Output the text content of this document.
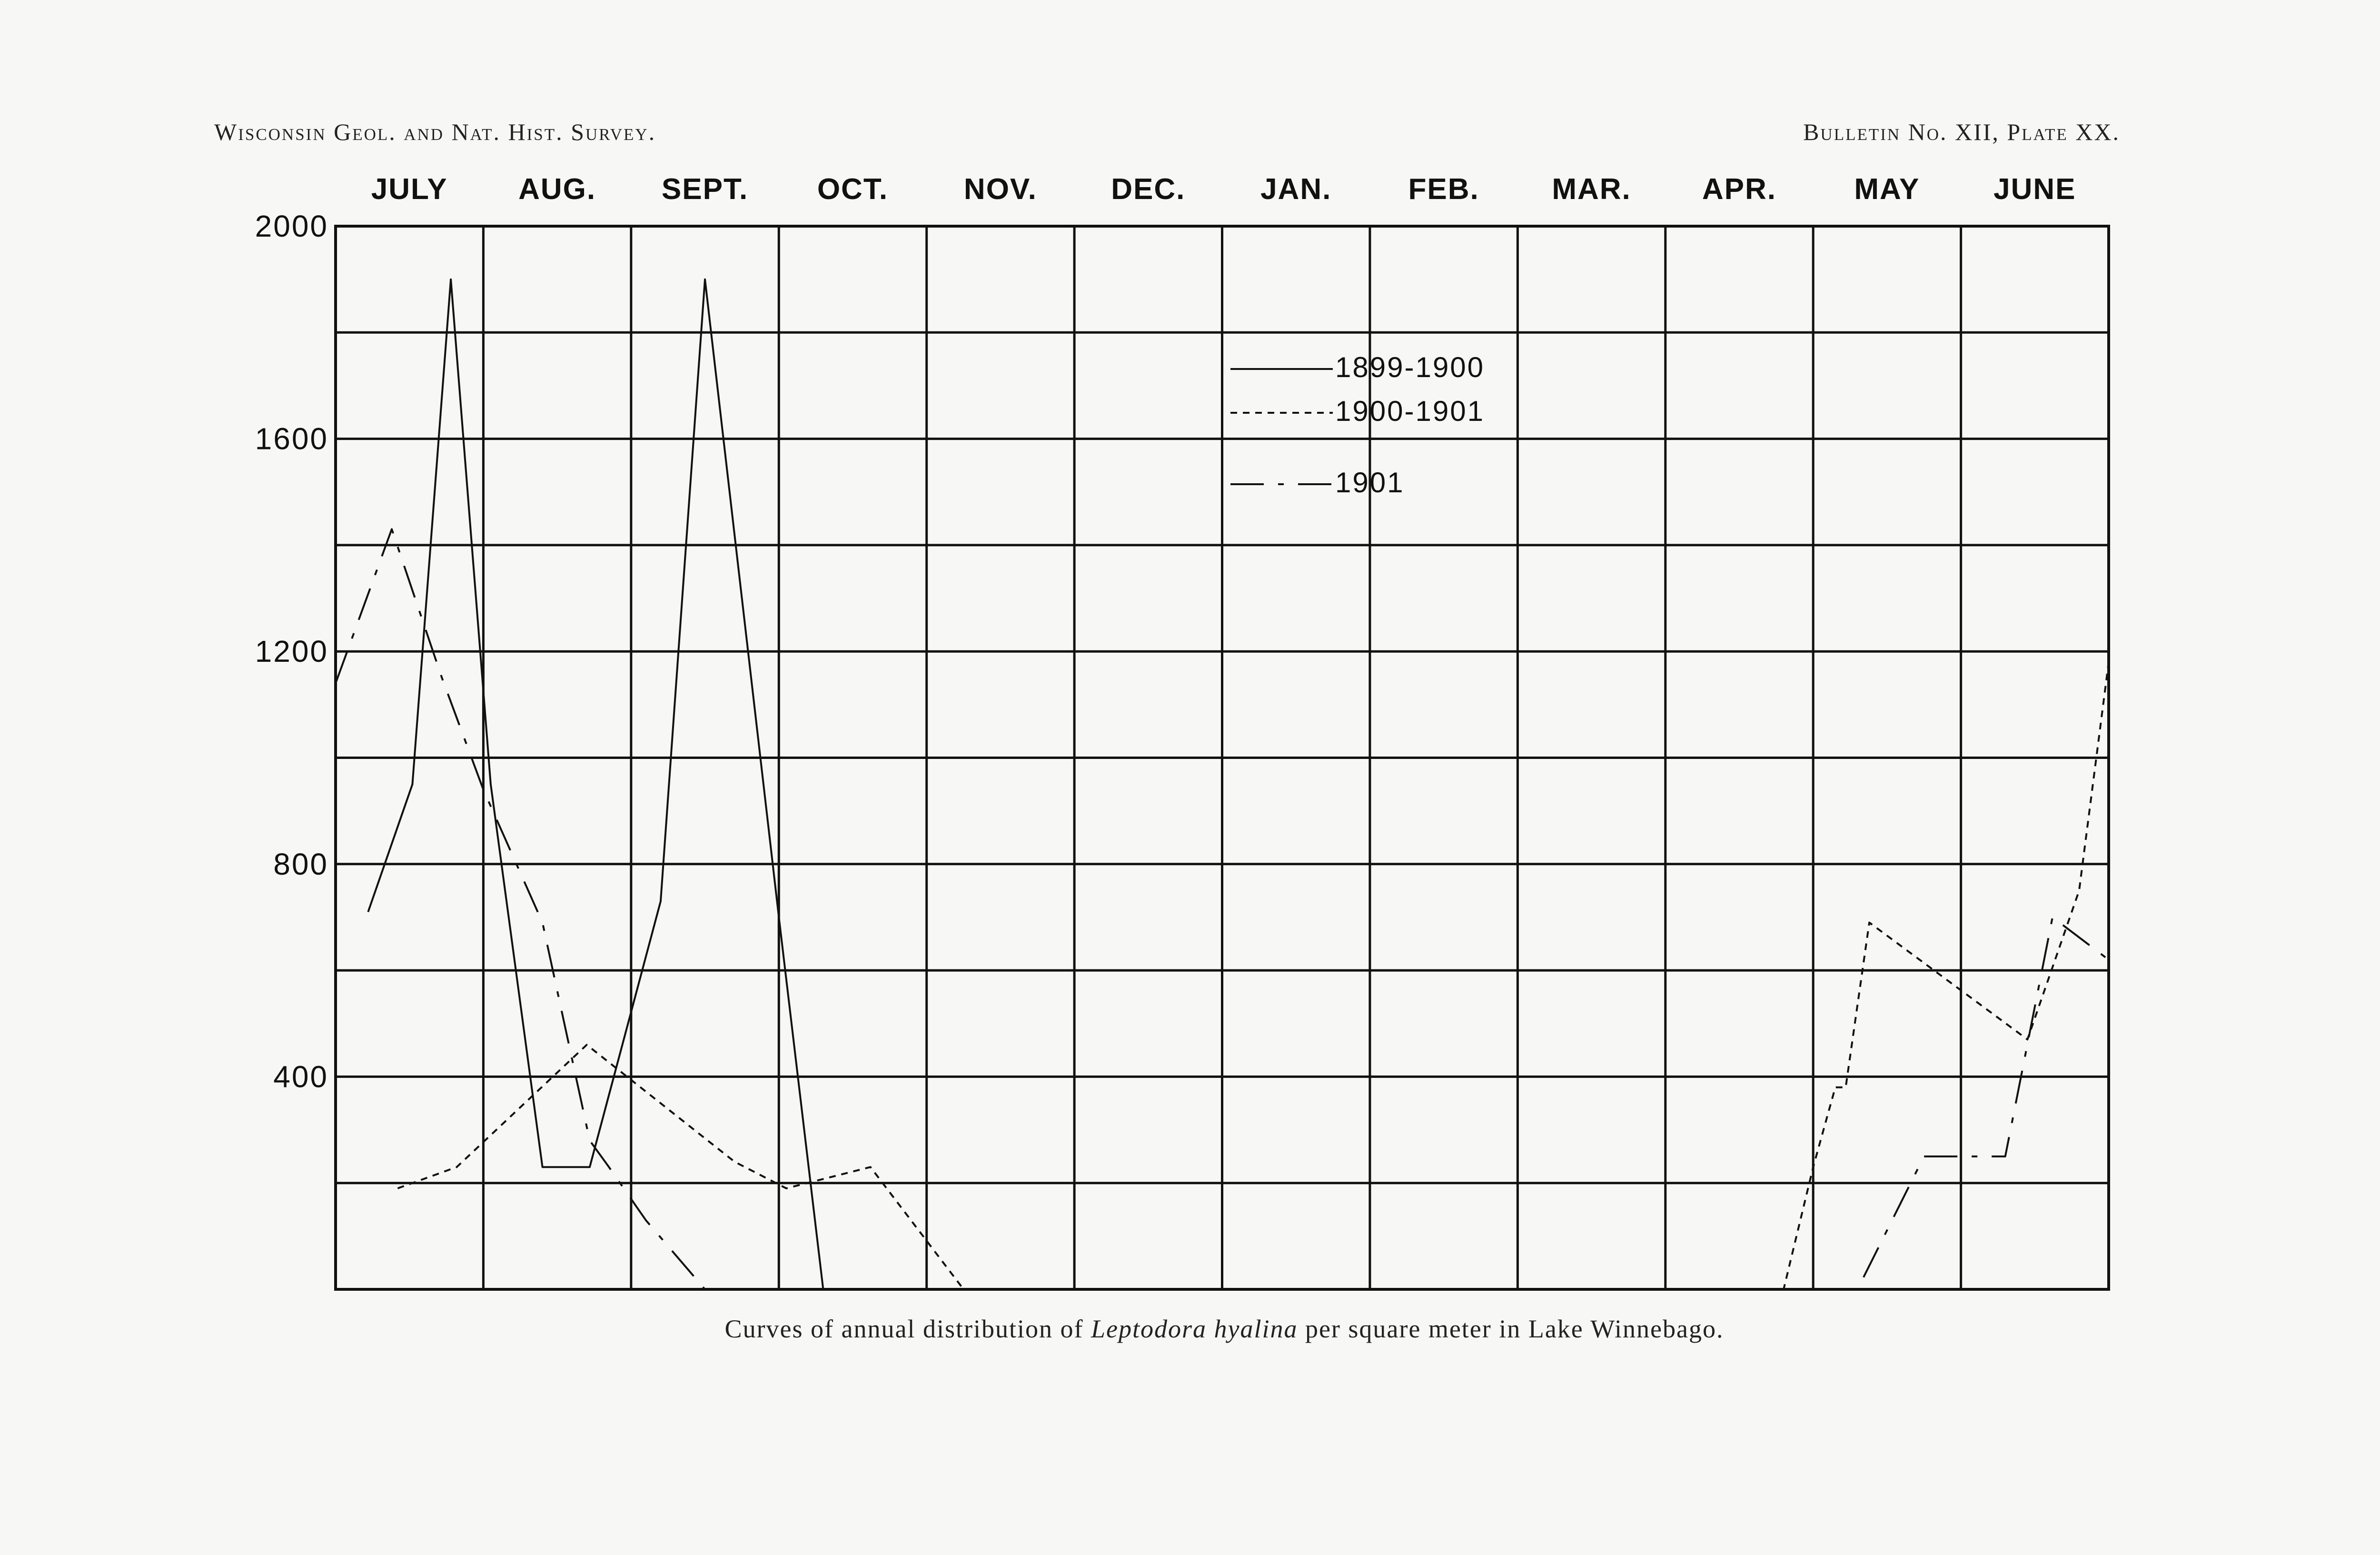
Wisconsin Geol. and Nat. Hist. Survey.	Bulletin No. XII, Plate XX.
JULY AUG. SEPT. OCT.	NOV.	DEC.	JAN.	FEB. MAR. APR.	MAY JUNE
2000
1600
1200
800
400
1899-1900
1900-1901
1901
Curves of annual distribution of Leptodora hyalina per square meter in Lake Winnebago.
